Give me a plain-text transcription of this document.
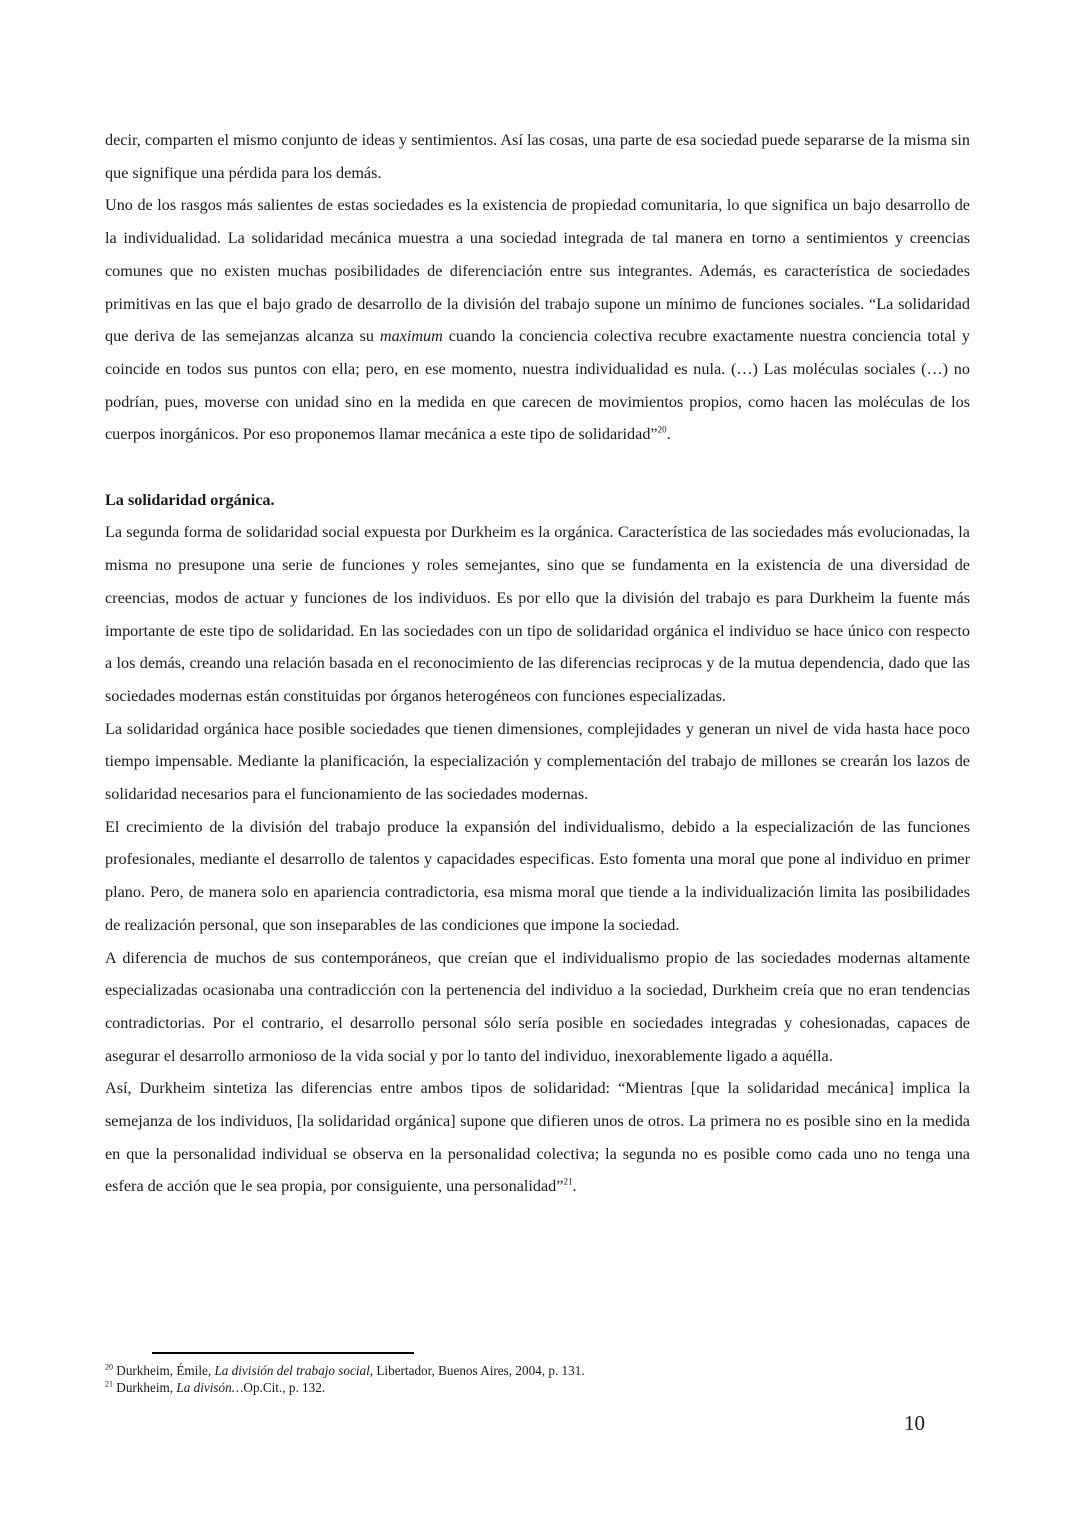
decir, comparten el mismo conjunto de ideas y sentimientos. Así las cosas, una parte de esa sociedad puede separarse de la misma sin que signifique una pérdida para los demás.

Uno de los rasgos más salientes de estas sociedades es la existencia de propiedad comunitaria, lo que significa un bajo desarrollo de la individualidad. La solidaridad mecánica muestra a una sociedad integrada de tal manera en torno a sentimientos y creencias comunes que no existen muchas posibilidades de diferenciación entre sus integrantes. Además, es característica de sociedades primitivas en las que el bajo grado de desarrollo de la división del trabajo supone un mínimo de funciones sociales. “La solidaridad que deriva de las semejanzas alcanza su maximum cuando la conciencia colectiva recubre exactamente nuestra conciencia total y coincide en todos sus puntos con ella; pero, en ese momento, nuestra individualidad es nula. (…) Las moléculas sociales (…) no podrían, pues, moverse con unidad sino en la medida en que carecen de movimientos propios, como hacen las moléculas de los cuerpos inorgánicos. Por eso proponemos llamar mecánica a este tipo de solidaridad”$^{20}$.

La solidaridad orgánica.

La segunda forma de solidaridad social expuesta por Durkheim es la orgánica. Característica de las sociedades más evolucionadas, la misma no presupone una serie de funciones y roles semejantes, sino que se fundamenta en la existencia de una diversidad de creencias, modos de actuar y funciones de los individuos. Es por ello que la división del trabajo es para Durkheim la fuente más importante de este tipo de solidaridad. En las sociedades con un tipo de solidaridad orgánica el individuo se hace único con respecto a los demás, creando una relación basada en el reconocimiento de las diferencias reciprocas y de la mutua dependencia, dado que las sociedades modernas están constituidas por órganos heterogéneos con funciones especializadas.

La solidaridad orgánica hace posible sociedades que tienen dimensiones, complejidades y generan un nivel de vida hasta hace poco tiempo impensable. Mediante la planificación, la especialización y complementación del trabajo de millones se crearán los lazos de solidaridad necesarios para el funcionamiento de las sociedades modernas.

El crecimiento de la división del trabajo produce la expansión del individualismo, debido a la especialización de las funciones profesionales, mediante el desarrollo de talentos y capacidades especificas. Esto fomenta una moral que pone al individuo en primer plano. Pero, de manera solo en apariencia contradictoria, esa misma moral que tiende a la individualización limita las posibilidades de realización personal, que son inseparables de las condiciones que impone la sociedad.

A diferencia de muchos de sus contemporáneos, que creían que el individualismo propio de las sociedades modernas altamente especializadas ocasionaba una contradicción con la pertenencia del individuo a la sociedad, Durkheim creía que no eran tendencias contradictorias. Por el contrario, el desarrollo personal sólo sería posible en sociedades integradas y cohesionadas, capaces de asegurar el desarrollo armonioso de la vida social y por lo tanto del individuo, inexorablemente ligado a aquélla.

Así, Durkheim sintetiza las diferencias entre ambos tipos de solidaridad: “Mientras [que la solidaridad mecánica] implica la semejanza de los individuos, [la solidaridad orgánica] supone que difieren unos de otros. La primera no es posible sino en la medida en que la personalidad individual se observa en la personalidad colectiva; la segunda no es posible como cada uno no tenga una esfera de acción que le sea propia, por consiguiente, una personalidad”$^{21}$.

$^{20}$ Durkheim, Émile, La división del trabajo social, Libertador, Buenos Aires, 2004, p. 131.

$^{21}$ Durkheim, La divisón…Op.Cit., p. 132.

10
